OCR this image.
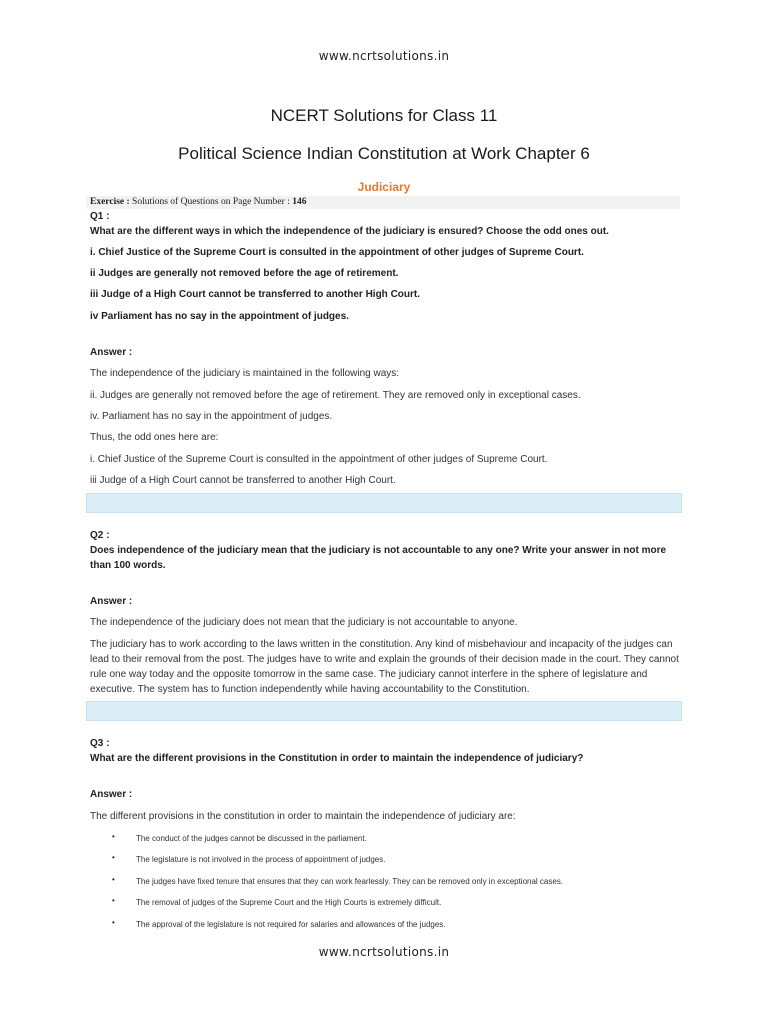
www.ncrtsolutions.in
NCERT Solutions for Class 11
Political Science Indian Constitution at Work Chapter 6
Judiciary
Exercise : Solutions of Questions on Page Number : 146
Q1 :
What are the different ways in which the independence of the judiciary is ensured? Choose the odd ones out.
i. Chief Justice of the Supreme Court is consulted in the appointment of other judges of Supreme Court.
ii Judges are generally not removed before the age of retirement.
iii Judge of a High Court cannot be transferred to another High Court.
iv Parliament has no say in the appointment of judges.
Answer :
The independence of the judiciary is maintained in the following ways:
ii. Judges are generally not removed before the age of retirement. They are removed only in exceptional cases.
iv. Parliament has no say in the appointment of judges.
Thus, the odd ones here are:
i. Chief Justice of the Supreme Court is consulted in the appointment of other judges of Supreme Court.
iii Judge of a High Court cannot be transferred to another High Court.
Q2 :
Does independence of the judiciary mean that the judiciary is not accountable to any one? Write your answer in not more than 100 words.
Answer :
The independence of the judiciary does not mean that the judiciary is not accountable to anyone.
The judiciary has to work according to the laws written in the constitution. Any kind of misbehaviour and incapacity of the judges can lead to their removal from the post. The judges have to write and explain the grounds of their decision made in the court. They cannot rule one way today and the opposite tomorrow in the same case. The judiciary cannot interfere in the sphere of legislature and executive. The system has to function independently while having accountability to the Constitution.
Q3 :
What are the different provisions in the Constitution in order to maintain the independence of judiciary?
Answer :
The different provisions in the constitution in order to maintain the independence of judiciary are:
•	The conduct of the judges cannot be discussed in the parliament.
•	The legislature is not involved in the process of appointment of judges.
•	The judges have fixed tenure that ensures that they can work fearlessly. They can be removed only in exceptional cases.
•	The removal of judges of the Supreme Court and the High Courts is extremely difficult.
•	The approval of the legislature is not required for salaries and allowances of the judges.
www.ncrtsolutions.in
